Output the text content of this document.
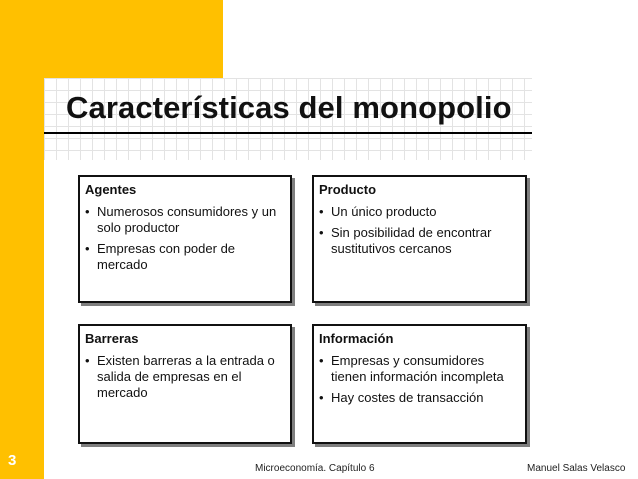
Características del monopolio
Agentes
• Numerosos consumidores y un solo productor
• Empresas con poder de mercado
Producto
• Un único producto
• Sin posibilidad de encontrar sustitutivos cercanos
Barreras
• Existen barreras a la entrada o salida de empresas en el mercado
Información
• Empresas y consumidores tienen información incompleta
• Hay costes de transacción
3	Microeconomía. Capítulo 6	Manuel Salas Velasco
